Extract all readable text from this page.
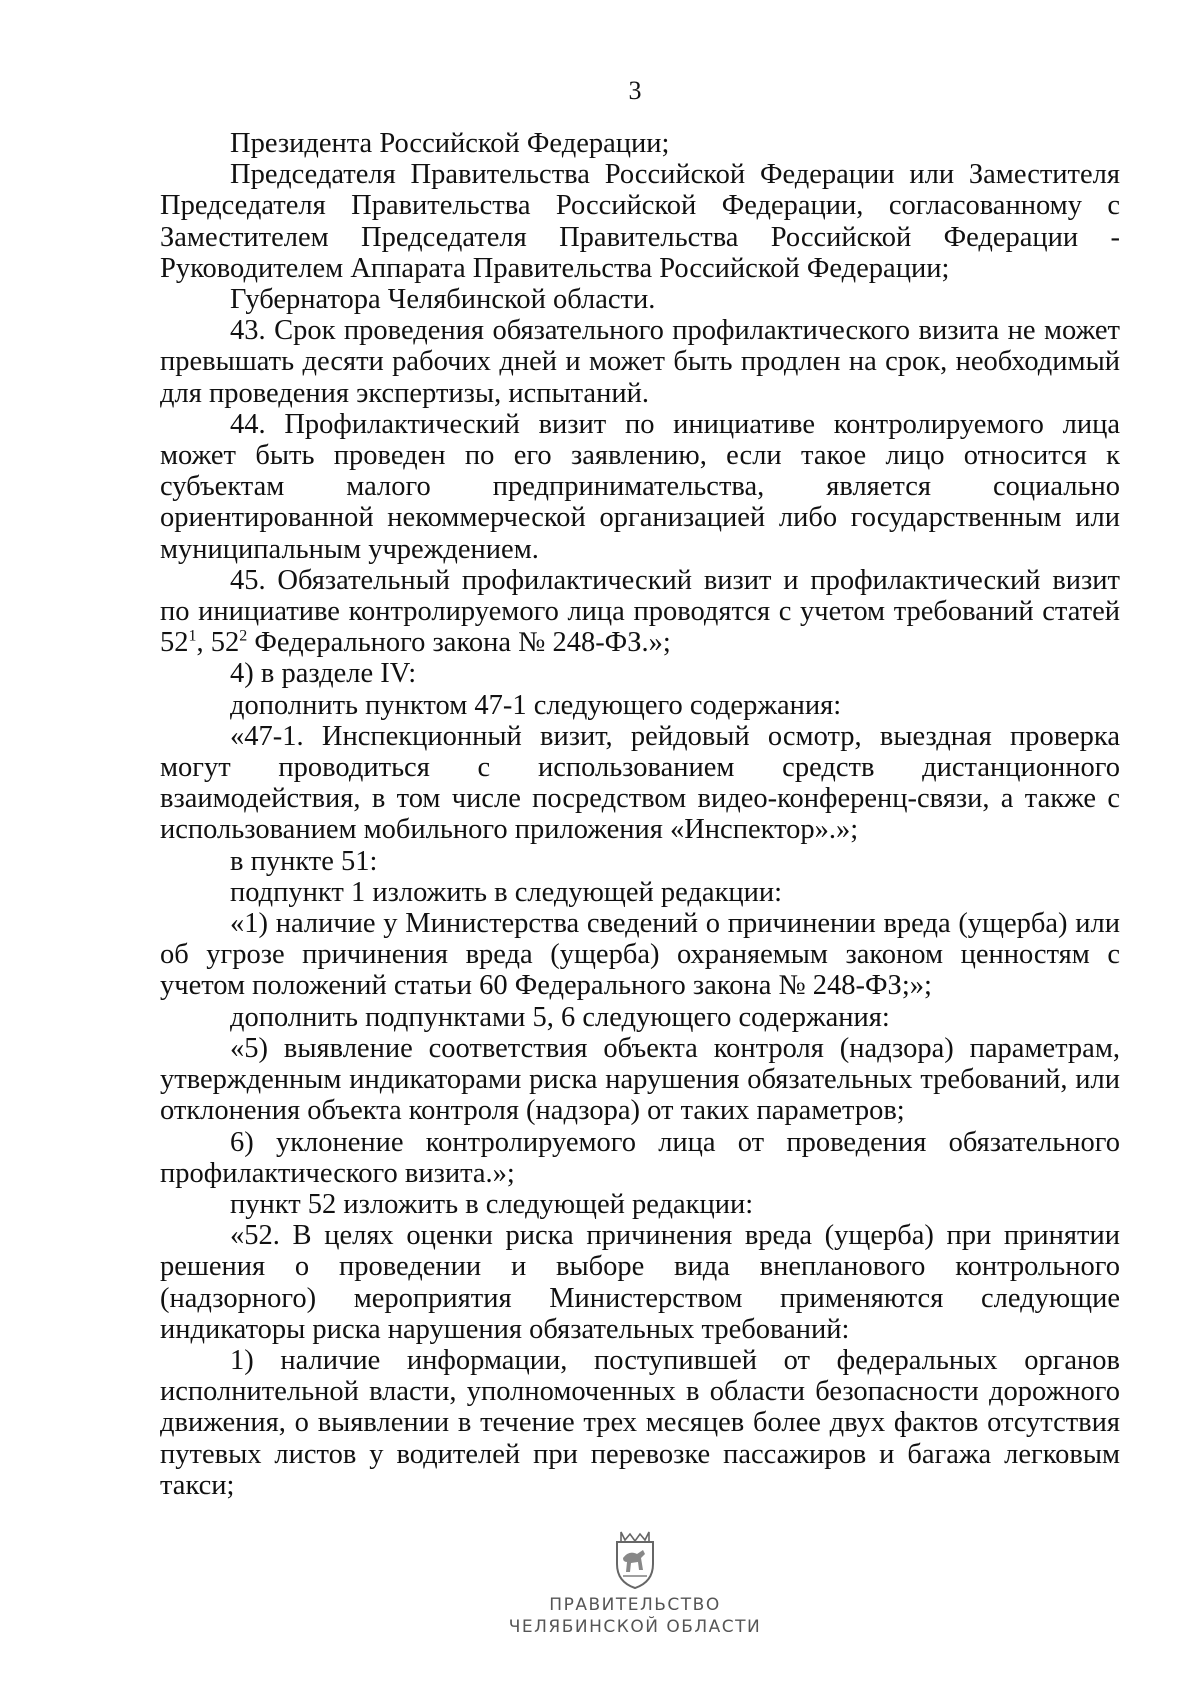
3

Президента Российской Федерации;

Председателя Правительства Российской Федерации или Заместителя Председателя Правительства Российской Федерации, согласованному с Заместителем Председателя Правительства Российской Федерации - Руководителем Аппарата Правительства Российской Федерации;

Губернатора Челябинской области.

43. Срок проведения обязательного профилактического визита не может превышать десяти рабочих дней и может быть продлен на срок, необходимый для проведения экспертизы, испытаний.

44. Профилактический визит по инициативе контролируемого лица может быть проведен по его заявлению, если такое лицо относится к субъектам малого предпринимательства, является социально ориентированной некоммерческой организацией либо государственным или муниципальным учреждением.

45. Обязательный профилактический визит и профилактический визит по инициативе контролируемого лица проводятся с учетом требований статей $52^1$, $52^2$ Федерального закона № 248-ФЗ.»;

4) в разделе IV:

дополнить пунктом 47-1 следующего содержания:

«47-1. Инспекционный визит, рейдовый осмотр, выездная проверка могут проводиться с использованием средств дистанционного взаимодействия, в том числе посредством видео-конференц-связи, а также с использованием мобильного приложения «Инспектор».»;

в пункте 51:

подпункт 1 изложить в следующей редакции:

«1) наличие у Министерства сведений о причинении вреда (ущерба) или об угрозе причинения вреда (ущерба) охраняемым законом ценностям с учетом положений статьи 60 Федерального закона № 248-ФЗ;»;

дополнить подпунктами 5, 6 следующего содержания:

«5) выявление соответствия объекта контроля (надзора) параметрам, утвержденным индикаторами риска нарушения обязательных требований, или отклонения объекта контроля (надзора) от таких параметров;

6) уклонение контролируемого лица от проведения обязательного профилактического визита.»;

пункт 52 изложить в следующей редакции:

«52. В целях оценки риска причинения вреда (ущерба) при принятии решения о проведении и выборе вида внепланового контрольного (надзорного) мероприятия Министерством применяются следующие индикаторы риска нарушения обязательных требований:

1) наличие информации, поступившей от федеральных органов исполнительной власти, уполномоченных в области безопасности дорожного движения, о выявлении в течение трех месяцев более двух фактов отсутствия путевых листов у водителей при перевозке пассажиров и багажа легковым такси;

ПРАВИТЕЛЬСТВО
ЧЕЛЯБИНСКОЙ ОБЛАСТИ
